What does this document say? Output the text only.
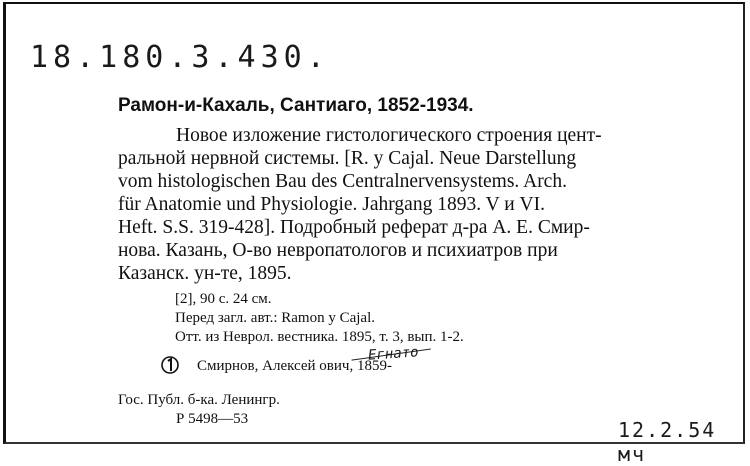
18.180.3.430.
Рамон-и-Кахаль, Сантиаго, 1852-1934.
Новое изложение гистологического строения цент-
ральной нервной системы. [R. y Cajal. Neue Darstellung
vom histologischen Bau des Centralnervensystems. Arch.
für Anatomie und Physiologie. Jahrgang 1893. V и VI.
Heft. S.S. 319-428]. Подробный реферат д-ра А. Е. Смир-
нова. Казань, О-во невропатологов и психиатров при
Казанск. ун-те, 1895.
[2], 90 с. 24 см.
Перед загл. авт.: Ramon y Cajal.
Отт. из Неврол. вестника. 1895, т. 3, вып. 1-2.
Смирнов, Алексей ович, 1859-
Егнато
Гос. Публ. б-ка. Ленингр.
Р 5498—53	12.2.54 мч
